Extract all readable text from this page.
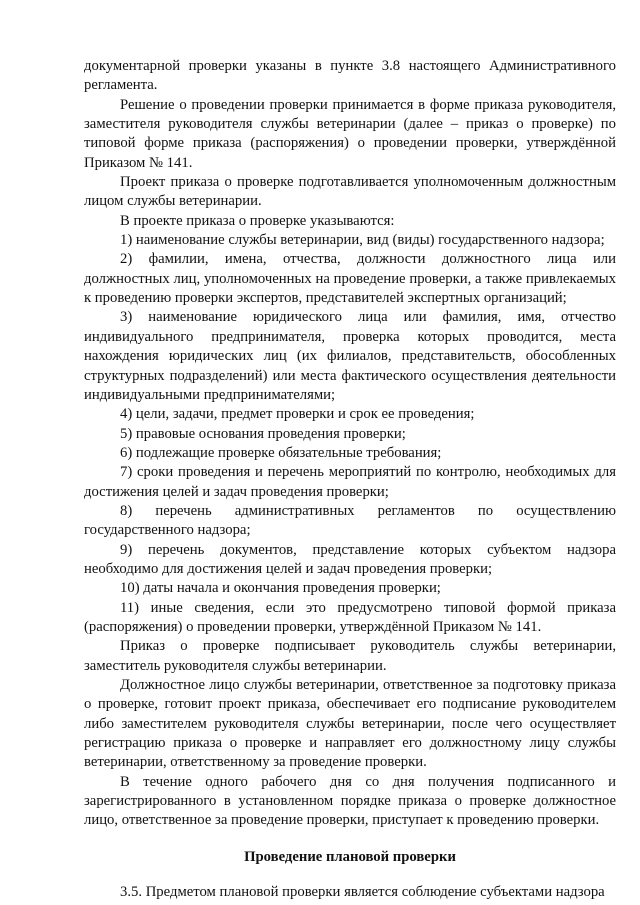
документарной проверки указаны в пункте 3.8 настоящего Административного регламента.

Решение о проведении проверки принимается в форме приказа руководителя, заместителя руководителя службы ветеринарии (далее – приказ о проверке) по типовой форме приказа (распоряжения) о проведении проверки, утверждённой Приказом № 141.

Проект приказа о проверке подготавливается уполномоченным должностным лицом службы ветеринарии.

В проекте приказа о проверке указываются:

1) наименование службы ветеринарии, вид (виды) государственного надзора;

2) фамилии, имена, отчества, должности должностного лица или должностных лиц, уполномоченных на проведение проверки, а также привлекаемых к проведению проверки экспертов, представителей экспертных организаций;

3) наименование юридического лица или фамилия, имя, отчество индивидуального предпринимателя, проверка которых проводится, места нахождения юридических лиц (их филиалов, представительств, обособленных структурных подразделений) или места фактического осуществления деятельности индивидуальными предпринимателями;

4) цели, задачи, предмет проверки и срок ее проведения;

5) правовые основания проведения проверки;

6) подлежащие проверке обязательные требования;

7) сроки проведения и перечень мероприятий по контролю, необходимых для достижения целей и задач проведения проверки;

8) перечень административных регламентов по осуществлению государственного надзора;

9) перечень документов, представление которых субъектом надзора необходимо для достижения целей и задач проведения проверки;

10) даты начала и окончания проведения проверки;

11) иные сведения, если это предусмотрено типовой формой приказа (распоряжения) о проведении проверки, утверждённой Приказом № 141.

Приказ о проверке подписывает руководитель службы ветеринарии, заместитель руководителя службы ветеринарии.

Должностное лицо службы ветеринарии, ответственное за подготовку приказа о проверке, готовит проект приказа, обеспечивает его подписание руководителем либо заместителем руководителя службы ветеринарии, после чего осуществляет регистрацию приказа о проверке и направляет его должностному лицу службы ветеринарии, ответственному за проведение проверки.

В течение одного рабочего дня со дня получения подписанного и зарегистрированного в установленном порядке приказа о проверке должностное лицо, ответственное за проведение проверки, приступает к проведению проверки.

Проведение плановой проверки

3.5. Предметом плановой проверки является соблюдение субъектами надзора
